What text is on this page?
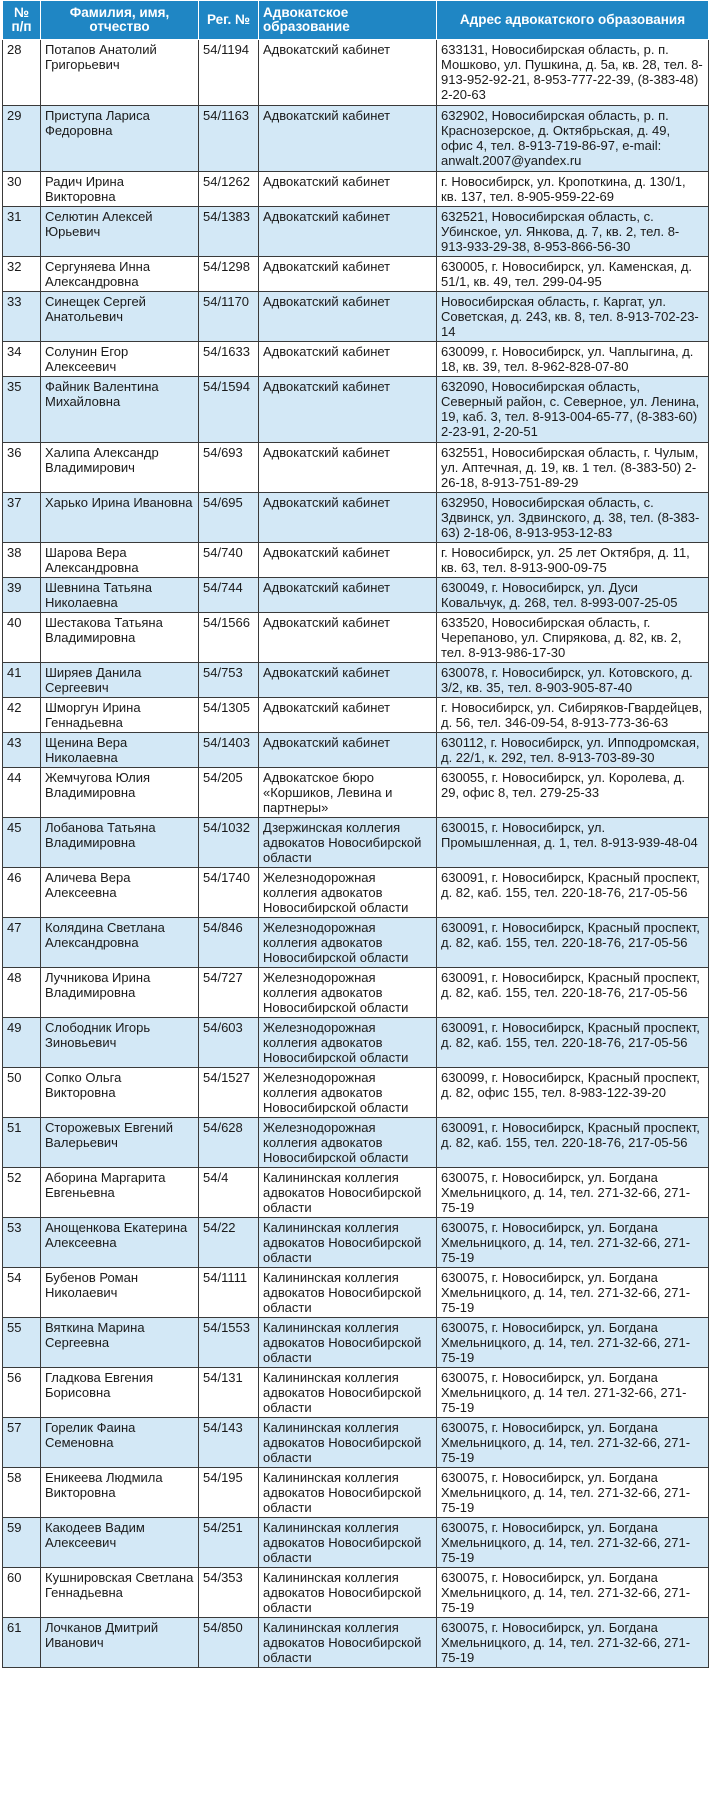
№ п/п	Фамилия, имя, отчество	Рег. №	Адвокатское образование	Адрес адвокатского образования
28	Потапов Анатолий Григорьевич	54/1194	Адвокатский кабинет	633131, Новосибирская область, р. п. Мошково, ул. Пушкина, д. 5а, кв. 28, тел. 8-913-952-92-21, 8-953-777-22-39, (8-383-48) 2-20-63
29	Приступа Лариса Федоровна	54/1163	Адвокатский кабинет	632902, Новосибирская область, р. п. Краснозерское, д. Октябрьская, д. 49, офис 4, тел. 8-913-719-86-97, e-mail: anwalt.2007@yandex.ru
30	Радич Ирина Викторовна	54/1262	Адвокатский кабинет	г. Новосибирск, ул. Кропоткина, д. 130/1, кв. 137, тел. 8-905-959-22-69
31	Селютин Алексей Юрьевич	54/1383	Адвокатский кабинет	632521, Новосибирская область, с. Убинское, ул. Янкова, д. 7, кв. 2, тел. 8-913-933-29-38, 8-953-866-56-30
32	Сергуняева Инна Александровна	54/1298	Адвокатский кабинет	630005, г. Новосибирск, ул. Каменская, д. 51/1, кв. 49, тел. 299-04-95
33	Синещек Сергей Анатольевич	54/1170	Адвокатский кабинет	Новосибирская область, г. Каргат, ул. Советская, д. 243, кв. 8, тел. 8-913-702-23-14
34	Солунин Егор Алексеевич	54/1633	Адвокатский кабинет	630099, г. Новосибирск, ул. Чаплыгина, д. 18, кв. 39, тел. 8-962-828-07-80
35	Файник Валентина Михайловна	54/1594	Адвокатский кабинет	632090, Новосибирская область, Северный район, с. Северное, ул. Ленина, 19, каб. 3, тел. 8-913-004-65-77, (8-383-60) 2-23-91, 2-20-51
36	Халипа Александр Владимирович	54/693	Адвокатский кабинет	632551, Новосибирская область, г. Чулым, ул. Аптечная, д. 19, кв. 1 тел. (8-383-50) 2-26-18, 8-913-751-89-29
37	Харько Ирина Ивановна	54/695	Адвокатский кабинет	632950, Новосибирская область, с. Здвинск, ул. Здвинского, д. 38, тел. (8-383-63) 2-18-06, 8-913-953-12-83
38	Шарова Вера Александровна	54/740	Адвокатский кабинет	г. Новосибирск, ул. 25 лет Октября, д. 11, кв. 63, тел. 8-913-900-09-75
39	Шевнина Татьяна Николаевна	54/744	Адвокатский кабинет	630049, г. Новосибирск, ул. Дуси Ковальчук, д. 268, тел. 8-993-007-25-05
40	Шестакова Татьяна Владимировна	54/1566	Адвокатский кабинет	633520, Новосибирская область, г. Черепаново, ул. Спирякова, д. 82, кв. 2, тел. 8-913-986-17-30
41	Ширяев Данила Сергеевич	54/753	Адвокатский кабинет	630078, г. Новосибирск, ул. Котовского, д. 3/2, кв. 35, тел. 8-903-905-87-40
42	Шморгун Ирина Геннадьевна	54/1305	Адвокатский кабинет	г. Новосибирск, ул. Сибиряков-Гвардейцев, д. 56, тел. 346-09-54, 8-913-773-36-63
43	Щенина Вера Николаевна	54/1403	Адвокатский кабинет	630112, г. Новосибирск, ул. Ипподромская, д. 22/1, к. 292, тел. 8-913-703-89-30
44	Жемчугова Юлия Владимировна	54/205	Адвокатское бюро «Коршиков, Левина и партнеры»	630055, г. Новосибирск, ул. Королева, д. 29, офис 8, тел. 279-25-33
45	Лобанова Татьяна Владимировна	54/1032	Дзержинская коллегия адвокатов Новосибирской области	630015, г. Новосибирск, ул. Промышленная, д. 1, тел. 8-913-939-48-04
46	Аличева Вера Алексеевна	54/1740	Железнодорожная коллегия адвокатов Новосибирской области	630091, г. Новосибирск, Красный проспект, д. 82, каб. 155, тел. 220-18-76, 217-05-56
47	Колядина Светлана Александровна	54/846	Железнодорожная коллегия адвокатов Новосибирской области	630091, г. Новосибирск, Красный проспект, д. 82, каб. 155, тел. 220-18-76, 217-05-56
48	Лучникова Ирина Владимировна	54/727	Железнодорожная коллегия адвокатов Новосибирской области	630091, г. Новосибирск, Красный проспект, д. 82, каб. 155, тел. 220-18-76, 217-05-56
49	Слободник Игорь Зиновьевич	54/603	Железнодорожная коллегия адвокатов Новосибирской области	630091, г. Новосибирск, Красный проспект, д. 82, каб. 155, тел. 220-18-76, 217-05-56
50	Сопко Ольга Викторовна	54/1527	Железнодорожная коллегия адвокатов Новосибирской области	630099, г. Новосибирск, Красный проспект, д. 82, офис 155, тел. 8-983-122-39-20
51	Сторожевых Евгений Валерьевич	54/628	Железнодорожная коллегия адвокатов Новосибирской области	630091, г. Новосибирск, Красный проспект, д. 82, каб. 155, тел. 220-18-76, 217-05-56
52	Аборина Маргарита Евгеньевна	54/4	Калининская коллегия адвокатов Новосибирской области	630075, г. Новосибирск, ул. Богдана Хмельницкого, д. 14, тел. 271-32-66, 271-75-19
53	Анощенкова Екатерина Алексеевна	54/22	Калининская коллегия адвокатов Новосибирской области	630075, г. Новосибирск, ул. Богдана Хмельницкого, д. 14, тел. 271-32-66, 271-75-19
54	Бубенов Роман Николаевич	54/1111	Калининская коллегия адвокатов Новосибирской области	630075, г. Новосибирск, ул. Богдана Хмельницкого, д. 14, тел. 271-32-66, 271-75-19
55	Вяткина Марина Сергеевна	54/1553	Калининская коллегия адвокатов Новосибирской области	630075, г. Новосибирск, ул. Богдана Хмельницкого, д. 14, тел. 271-32-66, 271-75-19
56	Гладкова Евгения Борисовна	54/131	Калининская коллегия адвокатов Новосибирской области	630075, г. Новосибирск, ул. Богдана Хмельницкого, д. 14 тел. 271-32-66, 271-75-19
57	Горелик Фаина Семеновна	54/143	Калининская коллегия адвокатов Новосибирской области	630075, г. Новосибирск, ул. Богдана Хмельницкого, д. 14, тел. 271-32-66, 271-75-19
58	Еникеева Людмила Викторовна	54/195	Калининская коллегия адвокатов Новосибирской области	630075, г. Новосибирск, ул. Богдана Хмельницкого, д. 14, тел. 271-32-66, 271-75-19
59	Какодеев Вадим Алексеевич	54/251	Калининская коллегия адвокатов Новосибирской области	630075, г. Новосибирск, ул. Богдана Хмельницкого, д. 14, тел. 271-32-66, 271-75-19
60	Кушнировская Светлана Геннадьевна	54/353	Калининская коллегия адвокатов Новосибирской области	630075, г. Новосибирск, ул. Богдана Хмельницкого, д. 14, тел. 271-32-66, 271-75-19
61	Лочканов Дмитрий Иванович	54/850	Калининская коллегия адвокатов Новосибирской области	630075, г. Новосибирск, ул. Богдана Хмельницкого, д. 14, тел. 271-32-66, 271-75-19
